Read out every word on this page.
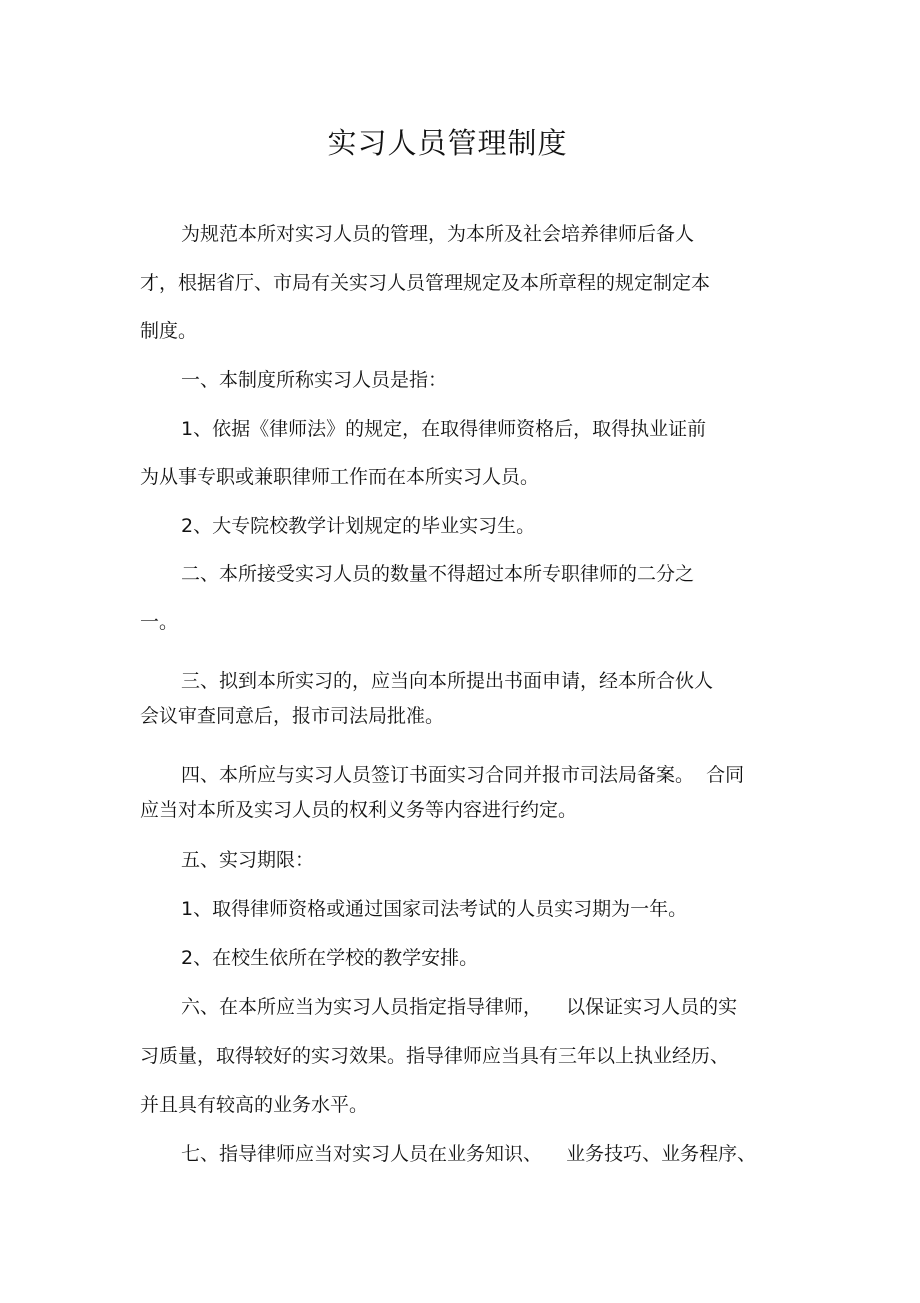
实习人员管理制度

为规范本所对实习人员的管理，为本所及社会培养律师后备人

才，根据省厅、市局有关实习人员管理规定及本所章程的规定制定本

制度。

一、本制度所称实习人员是指：

1、依据《律师法》的规定，在取得律师资格后，取得执业证前

为从事专职或兼职律师工作而在本所实习人员。

2、大专院校教学计划规定的毕业实习生。

二、本所接受实习人员的数量不得超过本所专职律师的二分之

一。

三、拟到本所实习的，应当向本所提出书面申请，经本所合伙人

会议审查同意后，报市司法局批准。

四、本所应与实习人员签订书面实习合同并报市司法局备案。  合同

应当对本所及实习人员的权利义务等内容进行约定。

五、实习期限：

1、取得律师资格或通过国家司法考试的人员实习期为一年。

2、在校生依所在学校的教学安排。

六、在本所应当为实习人员指定指导律师，    以保证实习人员的实

习质量，取得较好的实习效果。指导律师应当具有三年以上执业经历、

并且具有较高的业务水平。

七、指导律师应当对实习人员在业务知识、    业务技巧、业务程序、
